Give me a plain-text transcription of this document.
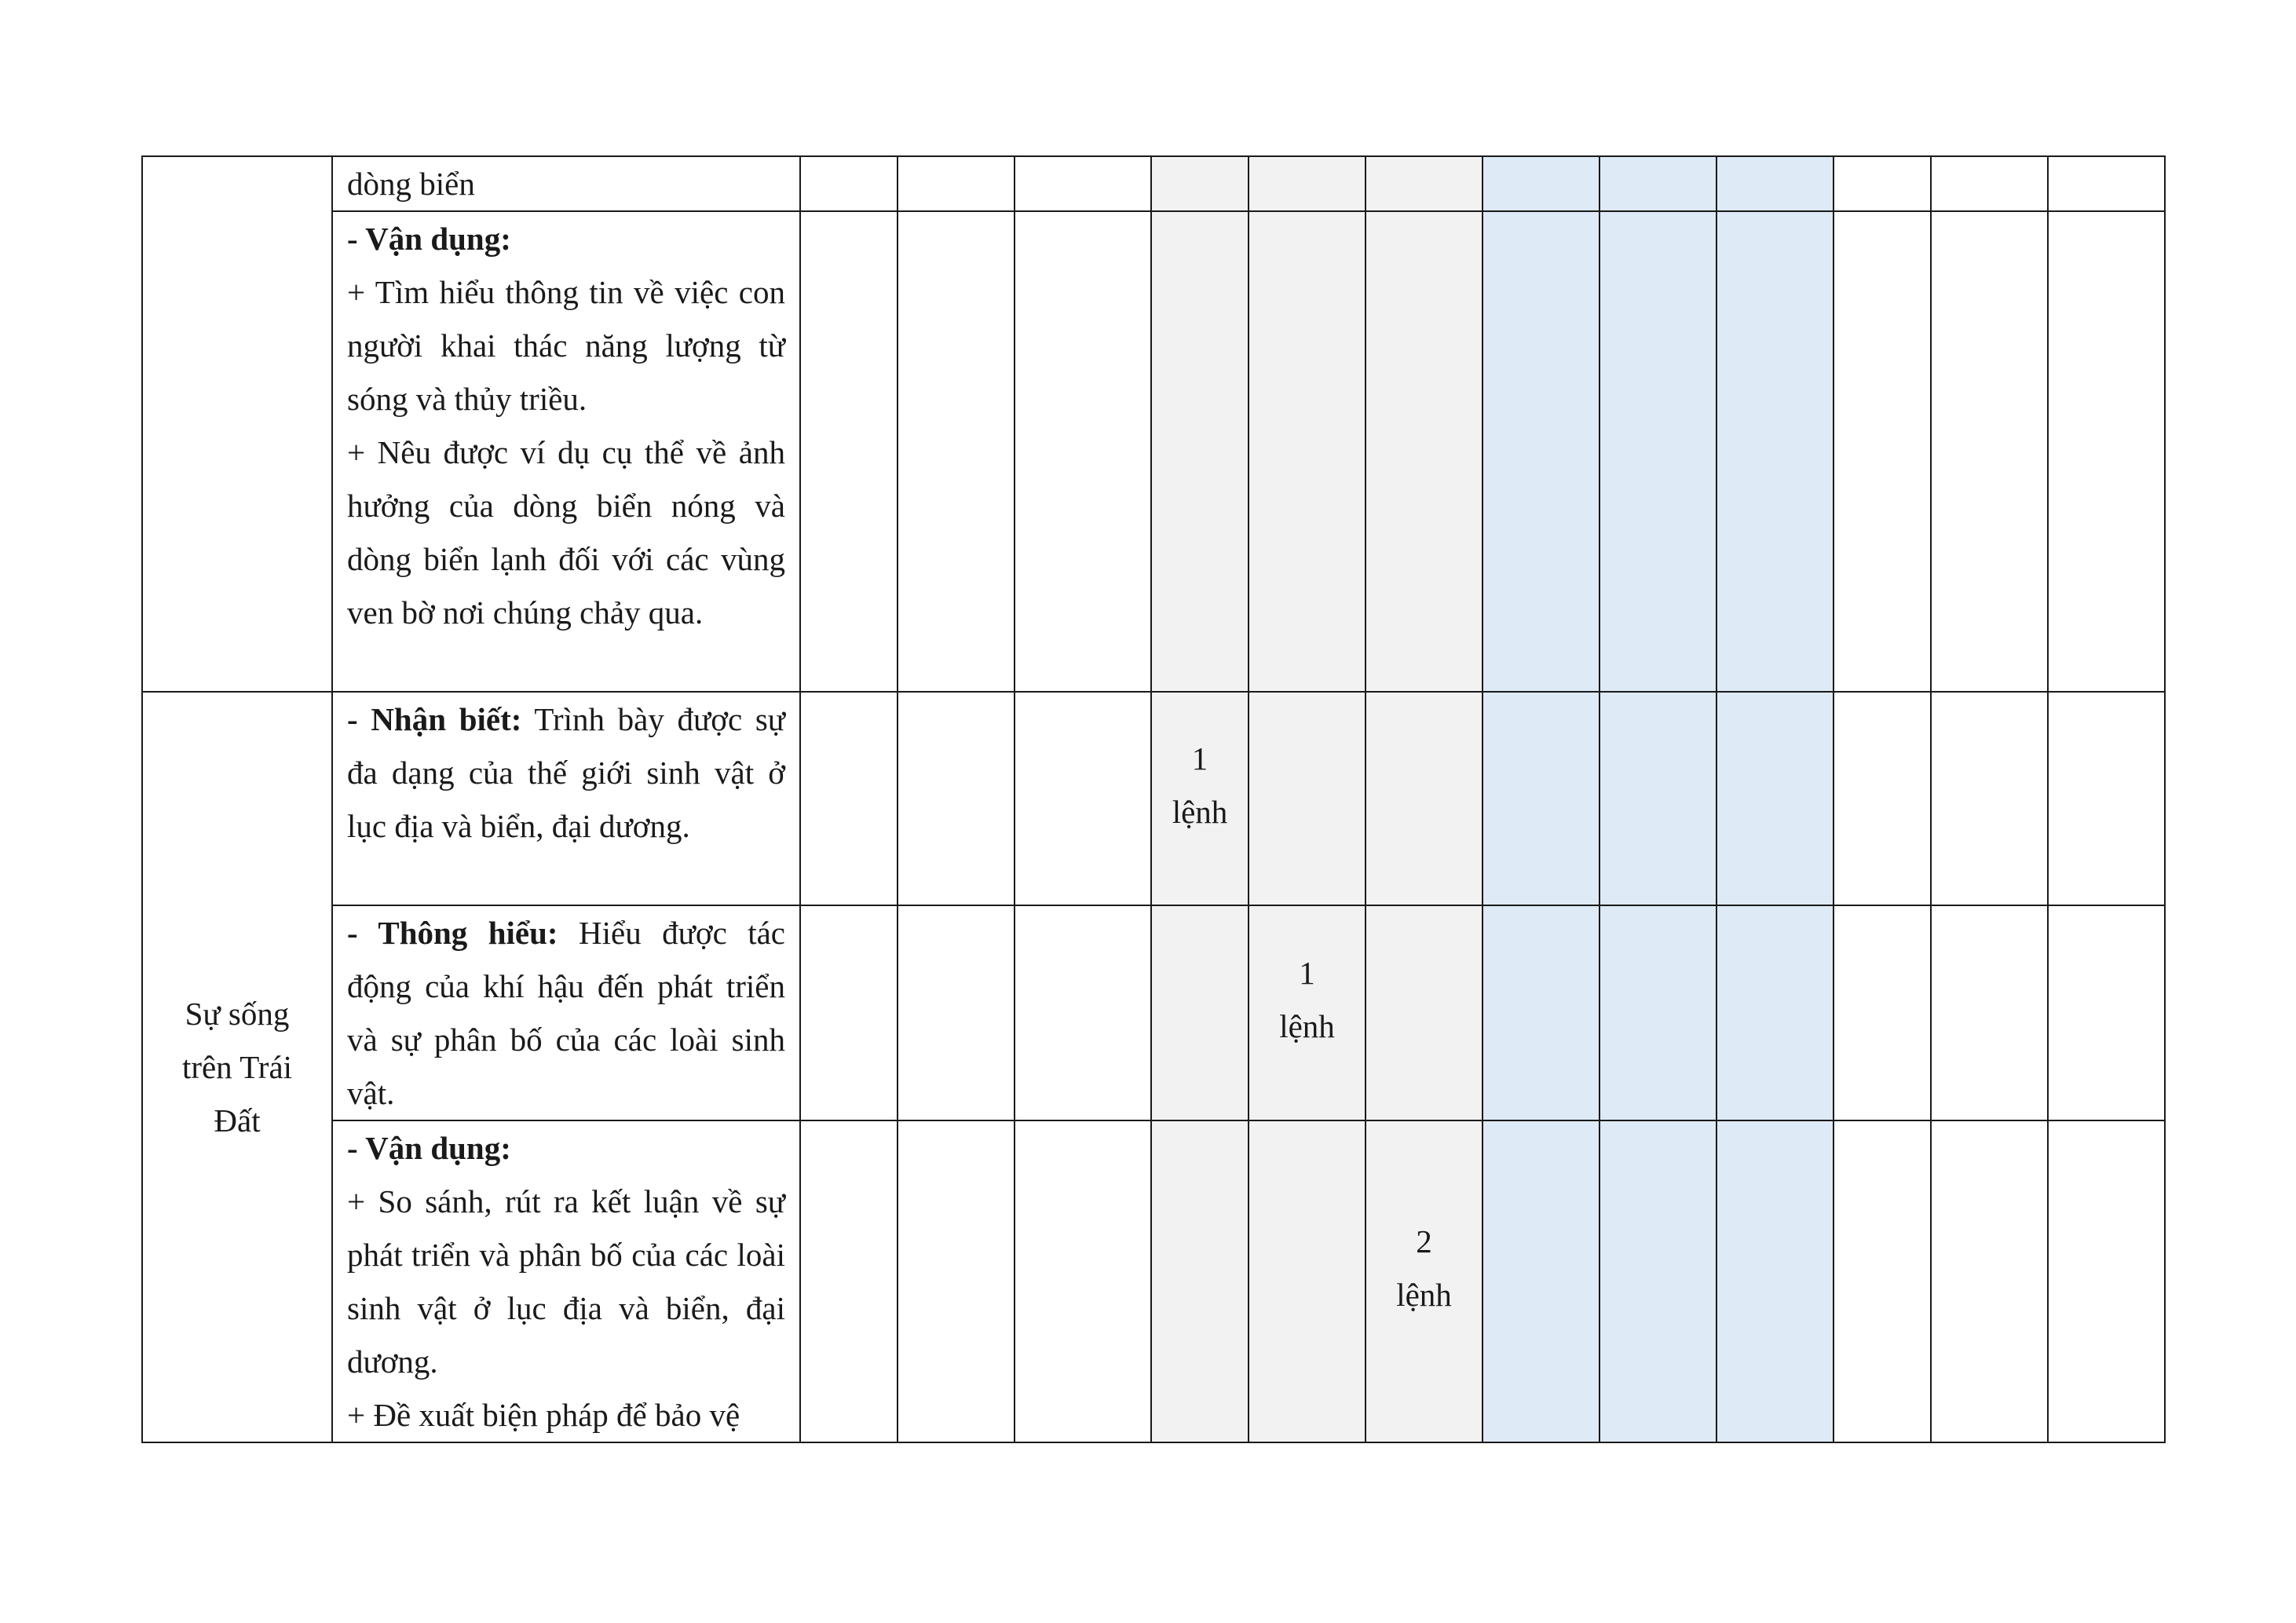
	dòng biển												

	- Vận dụng:
+ Tìm hiểu thông tin về việc con người khai thác năng lượng từ sóng và thủy triều.
+ Nêu được ví dụ cụ thể về ảnh hưởng của dòng biển nóng và dòng biển lạnh đối với các vùng ven bờ nơi chúng chảy qua.												

Sự sống trên Trái Đất	- Nhận biết: Trình bày được sự đa dạng của thế giới sinh vật ở lục địa và biển, đại dương.				1
lệnh								

	- Thông hiểu: Hiểu được tác động của khí hậu đến phát triển và sự phân bố của các loài sinh vật.					1
lệnh							

	- Vận dụng:
+ So sánh, rút ra kết luận về sự phát triển và phân bố của các loài sinh vật ở lục địa và biển, đại dương.
+ Đề xuất biện pháp để bảo vệ						2
lệnh						
